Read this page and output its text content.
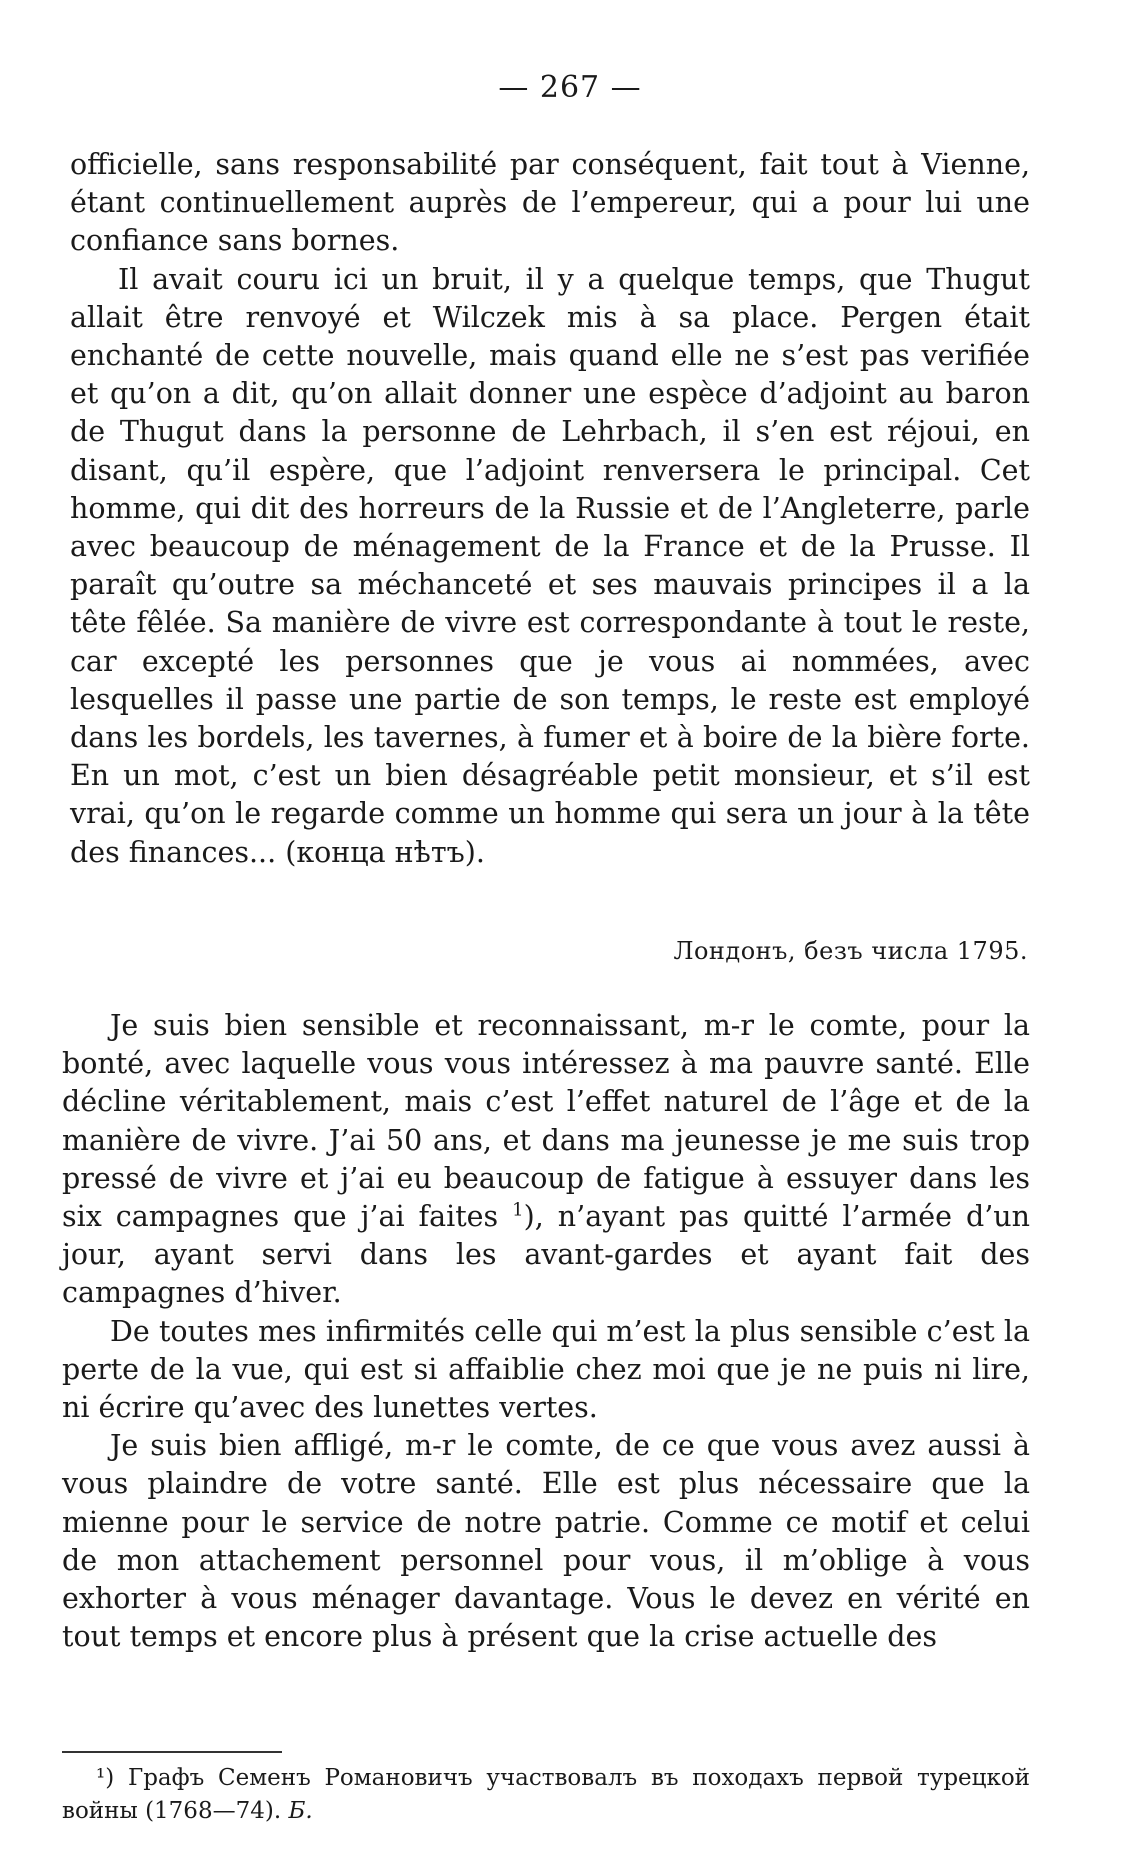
— 267 —

officielle, sans responsabilité par conséquent, fait tout à Vienne, étant continuellement auprès de l’empereur, qui a pour lui une confiance sans bornes.

Il avait couru ici un bruit, il y a quelque temps, que Thugut allait être renvoyé et Wilczek mis à sa place. Pergen était enchanté de cette nouvelle, mais quand elle ne s’est pas verifiée et qu’on a dit, qu’on allait donner une espèce d’adjoint au baron de Thugut dans la personne de Lehrbach, il s’en est réjoui, en disant, qu’il espère, que l’adjoint renversera le principal. Cet homme, qui dit des horreurs de la Russie et de l’Angleterre, parle avec beaucoup de ménagement de la France et de la Prusse. Il paraît qu’outre sa méchanceté et ses mauvais principes il a la tête fêlée. Sa manière de vivre est correspondante à tout le reste, car excepté les personnes que je vous ai nommées, avec lesquelles il passe une partie de son temps, le reste est employé dans les bordels, les tavernes, à fumer et à boire de la bière forte. En un mot, c’est un bien désagréable petit monsieur, et s’il est vrai, qu’on le regarde comme un homme qui sera un jour à la tête des finances... (конца нѣтъ).

Лондонъ, безъ числа 1795.

Je suis bien sensible et reconnaissant, m-r le comte, pour la bonté, avec laquelle vous vous intéressez à ma pauvre santé. Elle décline véritablement, mais c’est l’effet naturel de l’âge et de la manière de vivre. J’ai 50 ans, et dans ma jeunesse je me suis trop pressé de vivre et j’ai eu beaucoup de fatigue à essuyer dans les six campagnes que j’ai faites $^1$), n’ayant pas quitté l’armée d’un jour, ayant servi dans les avant-gardes et ayant fait des campagnes d’hiver.

De toutes mes infirmités celle qui m’est la plus sensible c’est la perte de la vue, qui est si affaiblie chez moi que je ne puis ni lire, ni écrire qu’avec des lunettes vertes.

Je suis bien affligé, m-r le comte, de ce que vous avez aussi à vous plaindre de votre santé. Elle est plus nécessaire que la mienne pour le service de notre patrie. Comme ce motif et celui de mon attachement personnel pour vous, il m’oblige à vous exhorter à vous ménager davantage. Vous le devez en vérité en tout temps et encore plus à présent que la crise actuelle des

¹) Графъ Семенъ Романовичъ участвовалъ въ походахъ первой турецкой войны (1768—74). Б.
